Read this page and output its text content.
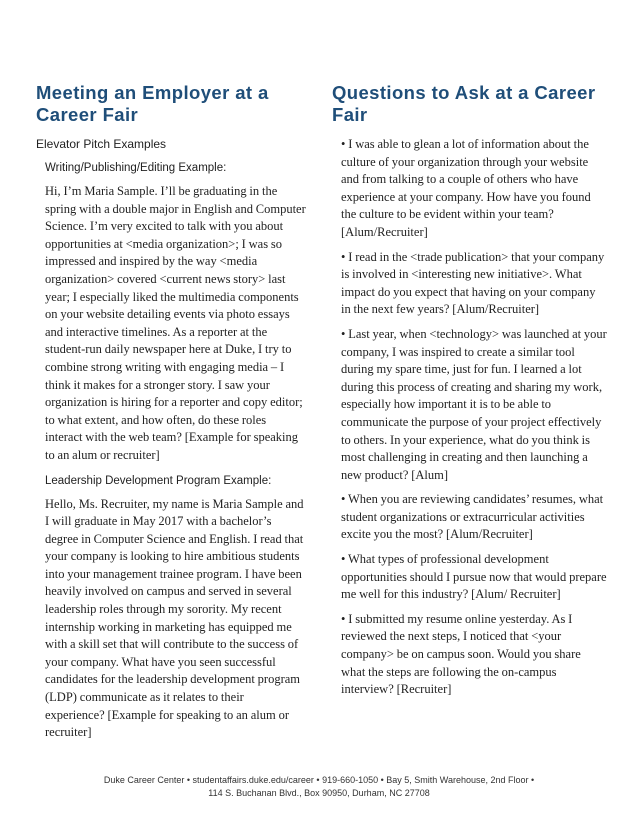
Meeting an Employer at a Career Fair
Elevator Pitch Examples
Writing/Publishing/Editing Example:

Hi, I’m Maria Sample. I’ll be graduating in the spring with a double major in English and Computer Science. I’m very excited to talk with you about opportunities at <media organization>; I was so impressed and inspired by the way <media organization> covered <current news story> last year; I especially liked the multimedia components on your website detailing events via photo essays and interactive timelines. As a reporter at the student-run daily newspaper here at Duke, I try to combine strong writing with engaging media – I think it makes for a stronger story. I saw your organization is hiring for a reporter and copy editor; to what extent, and how often, do these roles interact with the web team? [Example for speaking to an alum or recruiter]

Leadership Development Program Example:

Hello, Ms. Recruiter, my name is Maria Sample and I will graduate in May 2017 with a bachelor’s degree in Computer Science and English. I read that your company is looking to hire ambitious students into your management trainee program. I have been heavily involved on campus and served in several leadership roles through my sorority. My recent internship working in marketing has equipped me with a skill set that will contribute to the success of your company. What have you seen successful candidates for the leadership development program (LDP) communicate as it relates to their experience? [Example for speaking to an alum or recruiter]

Questions to Ask at a Career Fair

• I was able to glean a lot of information about the culture of your organization through your website and from talking to a couple of others who have experience at your company. How have you found the culture to be evident within your team? [Alum/Recruiter]

• I read in the <trade publication> that your company is involved in <interesting new initiative>. What impact do you expect that having on your company in the next few years? [Alum/Recruiter]

• Last year, when <technology> was launched at your company, I was inspired to create a similar tool during my spare time, just for fun. I learned a lot during this process of creating and sharing my work, especially how important it is to be able to communicate the purpose of your project effectively to others. In your experience, what do you think is most challenging in creating and then launching a new product? [Alum]

• When you are reviewing candidates’ resumes, what student organizations or extracurricular activities excite you the most? [Alum/Recruiter]

• What types of professional development opportunities should I pursue now that would prepare me well for this industry? [Alum/ Recruiter]

• I submitted my resume online yesterday. As I reviewed the next steps, I noticed that <your company> be on campus soon. Would you share what the steps are following the on-campus interview? [Recruiter]

Duke Career Center • studentaffairs.duke.edu/career • 919-660-1050 • Bay 5, Smith Warehouse, 2nd Floor •
114 S. Buchanan Blvd., Box 90950, Durham, NC 27708
